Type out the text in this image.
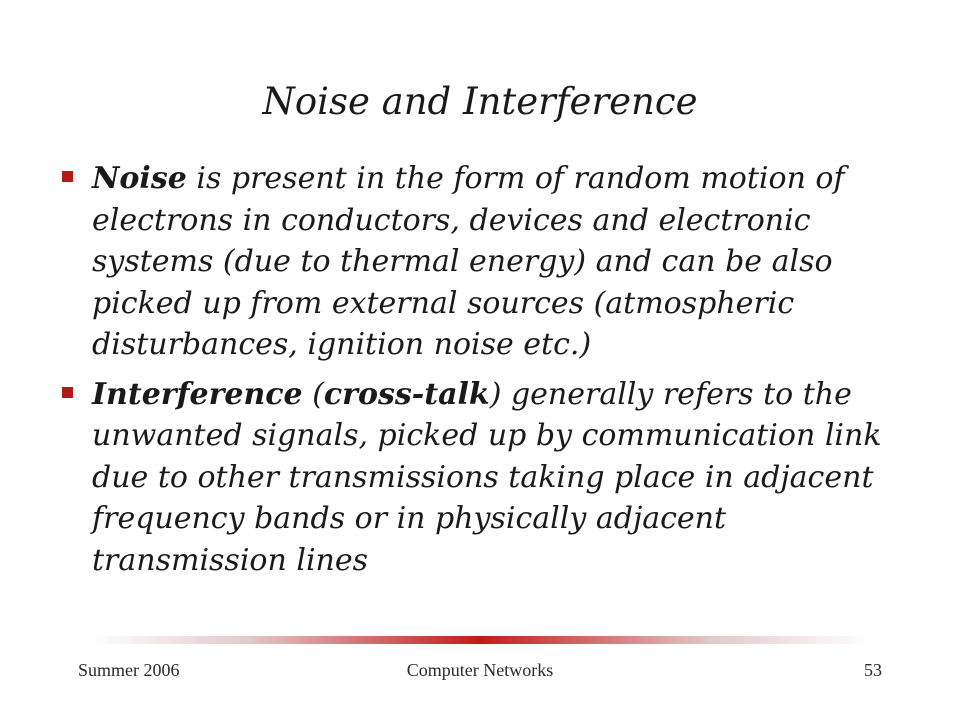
Noise and Interference
Noise is present in the form of random motion of electrons in conductors, devices and electronic systems (due to thermal energy) and can be also picked up from external sources (atmospheric disturbances, ignition noise etc.)
Interference (cross-talk) generally refers to the unwanted signals, picked up by communication link due to other transmissions taking place in adjacent frequency bands or in physically adjacent transmission lines
Summer 2006	Computer Networks	53
